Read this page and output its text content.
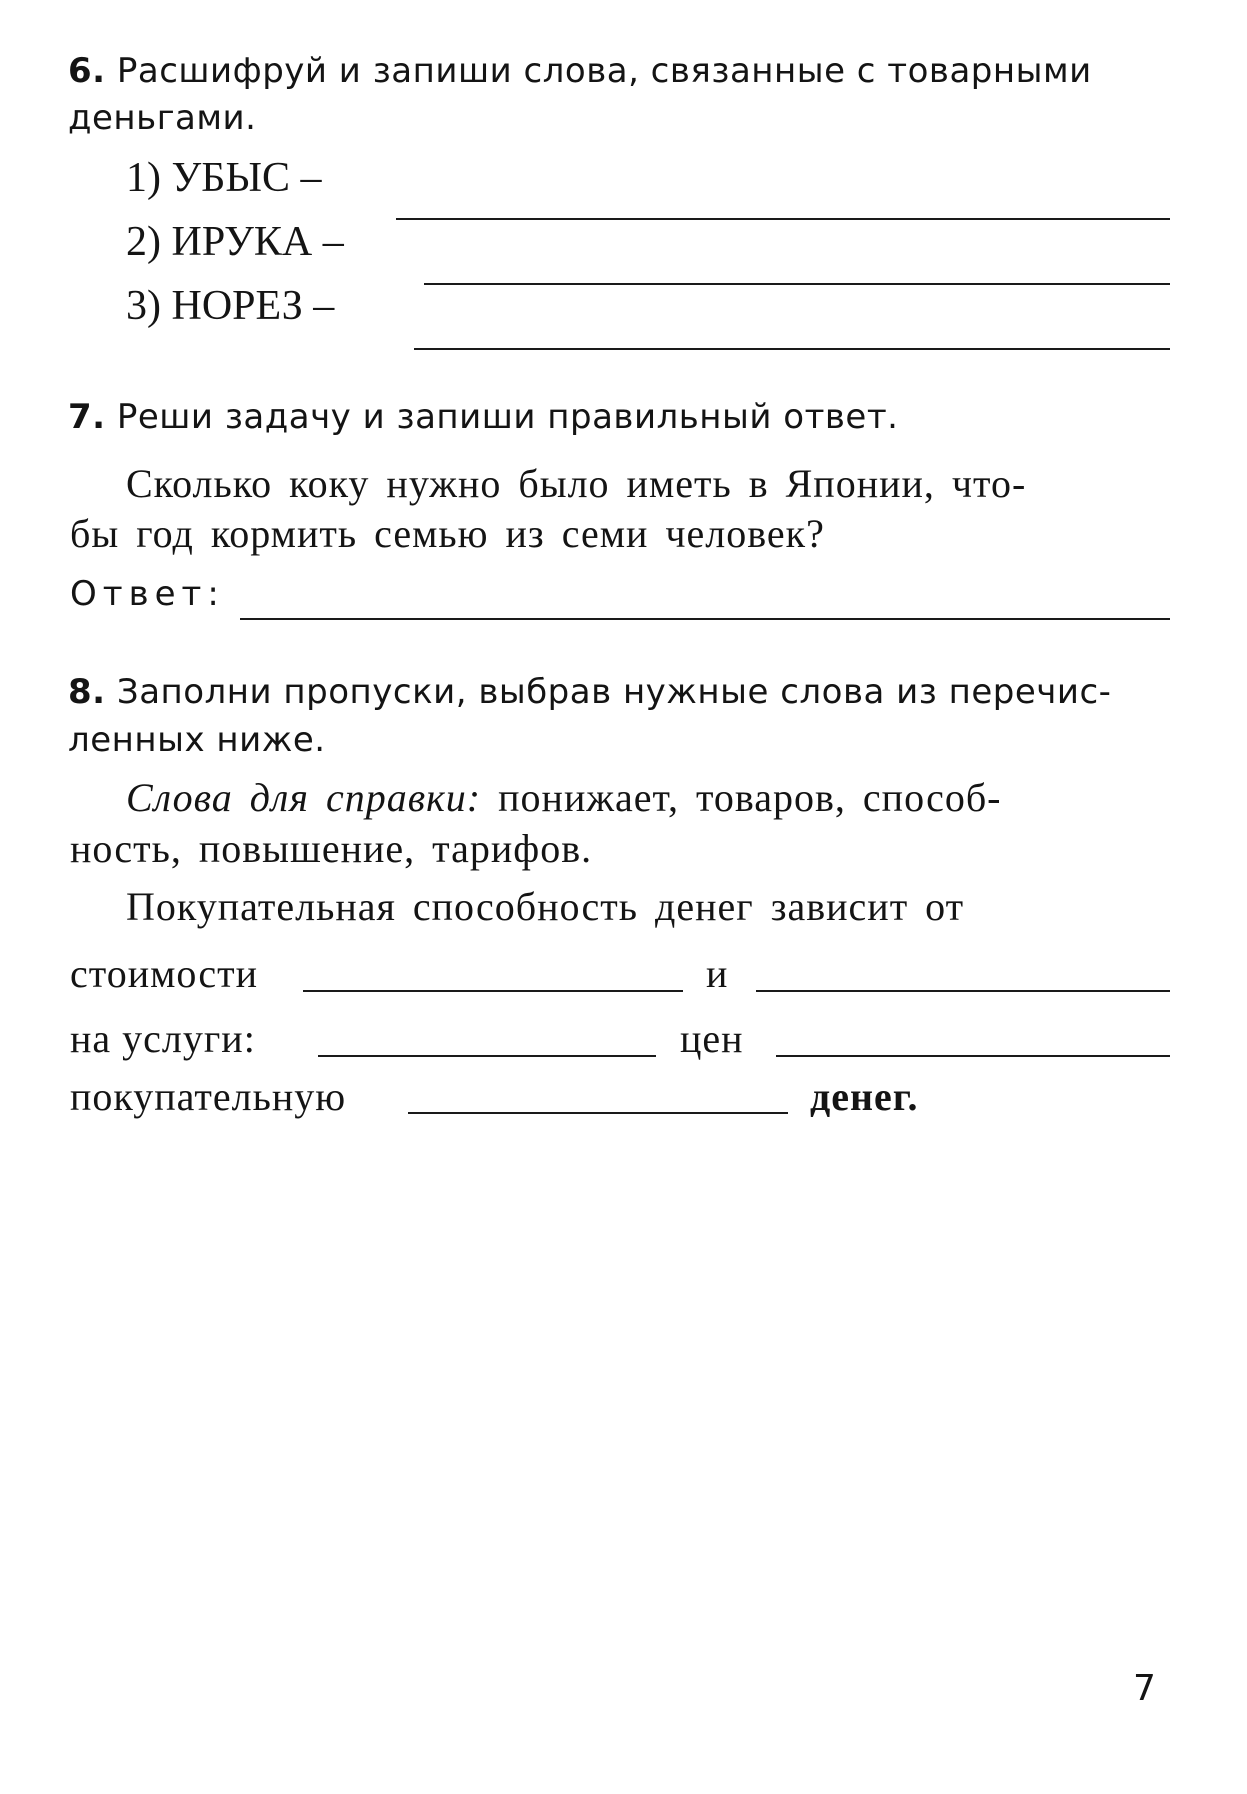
6. Расшифруй и запиши слова, связанные с товарными
деньгами.
1) УБЫС –
2) ИРУКА –
3) НОРЕЗ –
7. Реши задачу и запиши правильный ответ.
Сколько коку нужно было иметь в Японии, что-
бы год кормить семью из семи человек?
Ответ:
8. Заполни пропуски, выбрав нужные слова из перечис-
ленных ниже.
Слова для справки: понижает, товаров, способ-
ность, повышение, тарифов.
Покупательная способность денег зависит от
стоимости	и
на услуги:	цен
покупательную	денег.
7
